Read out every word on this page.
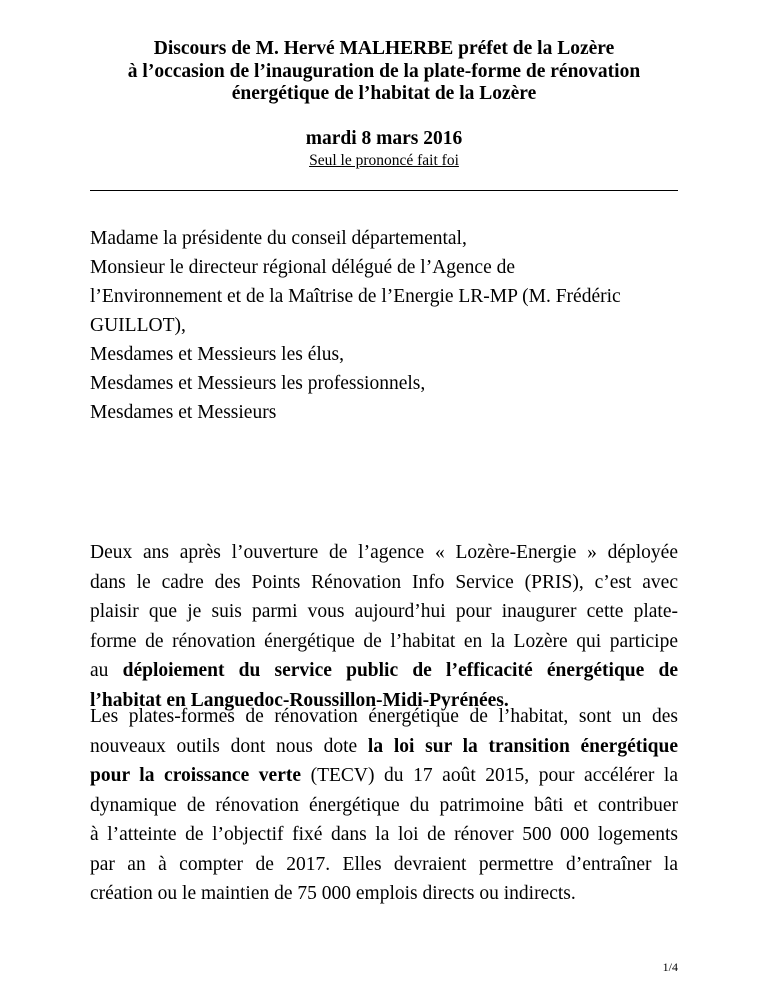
Discours de M. Hervé MALHERBE préfet de la Lozère
à l’occasion de l’inauguration de la plate-forme de rénovation
énergétique de l’habitat de la Lozère
mardi 8 mars 2016
Seul le prononcé fait foi
Madame la présidente du conseil départemental,
Monsieur le directeur régional délégué de l’Agence de
l’Environnement et de la Maîtrise de l’Energie LR-MP (M. Frédéric
GUILLOT),
Mesdames et Messieurs les élus,
Mesdames et Messieurs les professionnels,
Mesdames et Messieurs
Deux ans après l’ouverture de l’agence « Lozère-Energie » déployée
dans le cadre des Points Rénovation Info Service (PRIS), c’est avec
plaisir que je suis parmi vous aujourd’hui pour inaugurer cette plate-
forme de rénovation énergétique de l’habitat en la Lozère qui participe
au déploiement du service public de l’efficacité énergétique de
l’habitat en Languedoc-Roussillon-Midi-Pyrénées.
Les plates-formes de rénovation énergétique de l’habitat, sont un des
nouveaux outils dont nous dote la loi sur la transition énergétique
pour la croissance verte (TECV) du 17 août 2015, pour accélérer la
dynamique de rénovation énergétique du patrimoine bâti et contribuer
à l’atteinte de l’objectif fixé dans la loi de rénover 500 000 logements
par an à compter de 2017. Elles devraient permettre d’entraîner la
création ou le maintien de 75 000 emplois directs ou indirects.
1/4
